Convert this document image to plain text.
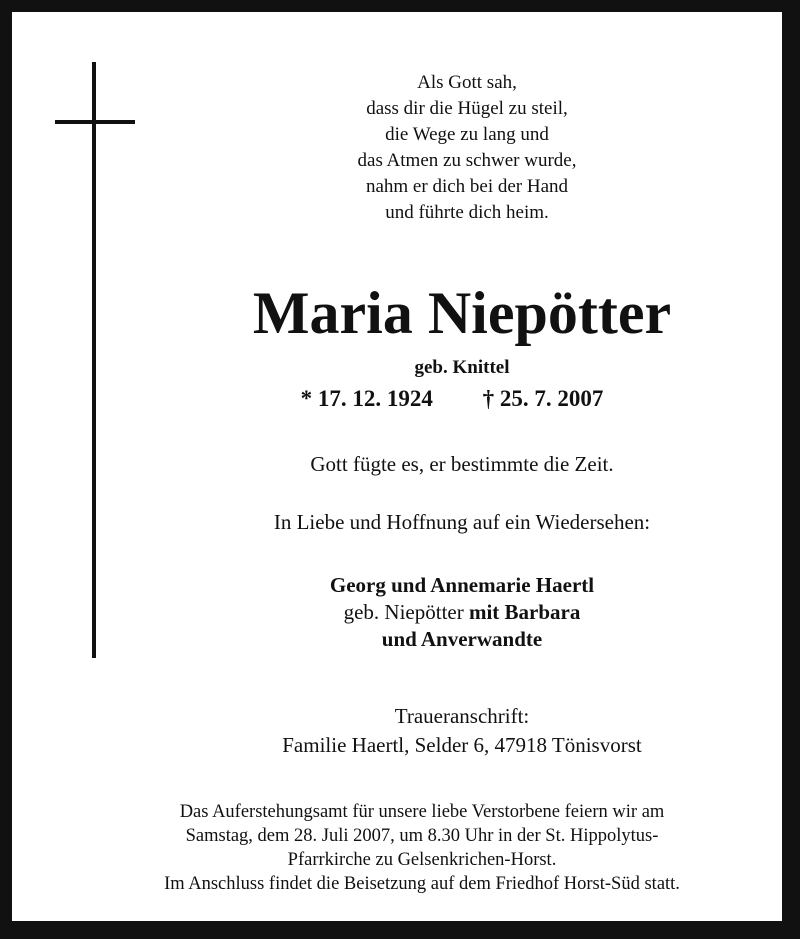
Als Gott sah,
dass dir die Hügel zu steil,
die Wege zu lang und
das Atmen zu schwer wurde,
nahm er dich bei der Hand
und führte dich heim.
Maria Niepötter
geb. Knittel
* 17. 12. 1924 † 25. 7. 2007
Gott fügte es, er bestimmte die Zeit.
In Liebe und Hoffnung auf ein Wiedersehen:
Georg und Annemarie Haertl
geb. Niepötter mit Barbara
und Anverwandte
Traueranschrift:
Familie Haertl, Selder 6, 47918 Tönisvorst
Das Auferstehungsamt für unsere liebe Verstorbene feiern wir am
Samstag, dem 28. Juli 2007, um 8.30 Uhr in der St. Hippolytus-
Pfarrkirche zu Gelsenkrichen-Horst.
Im Anschluss findet die Beisetzung auf dem Friedhof Horst-Süd statt.
